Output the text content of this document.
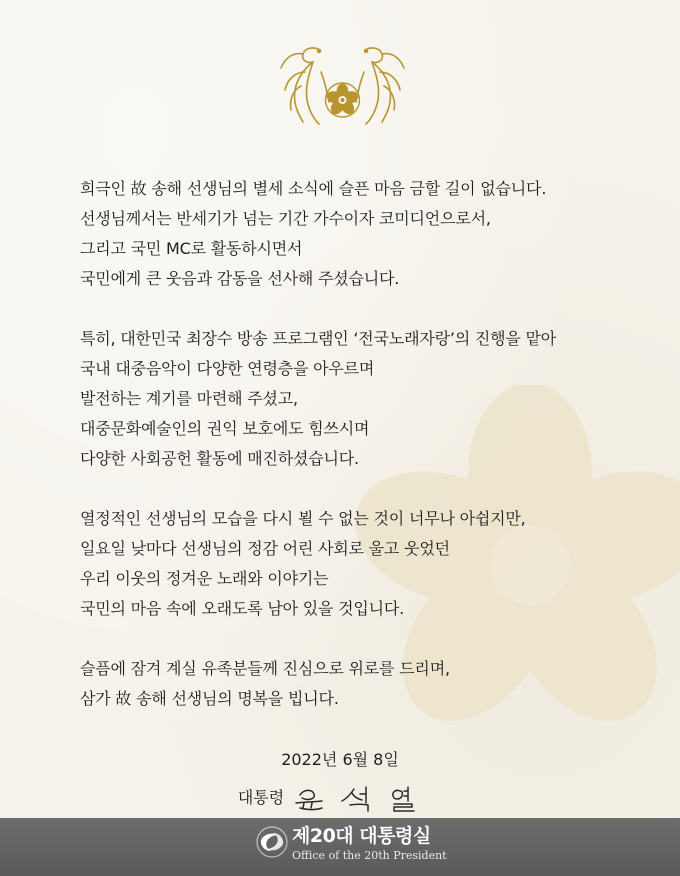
희극인 故 송해 선생님의 별세 소식에 슬픈 마음 금할 길이 없습니다.
선생님께서는 반세기가 넘는 기간 가수이자 코미디언으로서,
그리고 국민 MC로 활동하시면서
국민에게 큰 웃음과 감동을 선사해 주셨습니다.
특히, 대한민국 최장수 방송 프로그램인 ‘전국노래자랑’의 진행을 맡아
국내 대중음악이 다양한 연령층을 아우르며
발전하는 계기를 마련해 주셨고,
대중문화예술인의 권익 보호에도 힘쓰시며
다양한 사회공헌 활동에 매진하셨습니다.
열정적인 선생님의 모습을 다시 뵐 수 없는 것이 너무나 아쉽지만,
일요일 낮마다 선생님의 정감 어린 사회로 울고 웃었던
우리 이웃의 정겨운 노래와 이야기는
국민의 마음 속에 오래도록 남아 있을 것입니다.
슬픔에 잠겨 계실 유족분들께 진심으로 위로를 드리며,
삼가 故 송해 선생님의 명복을 빕니다.
2022년 6월 8일
대통령
제20대 대통령실
Office of the 20th President
